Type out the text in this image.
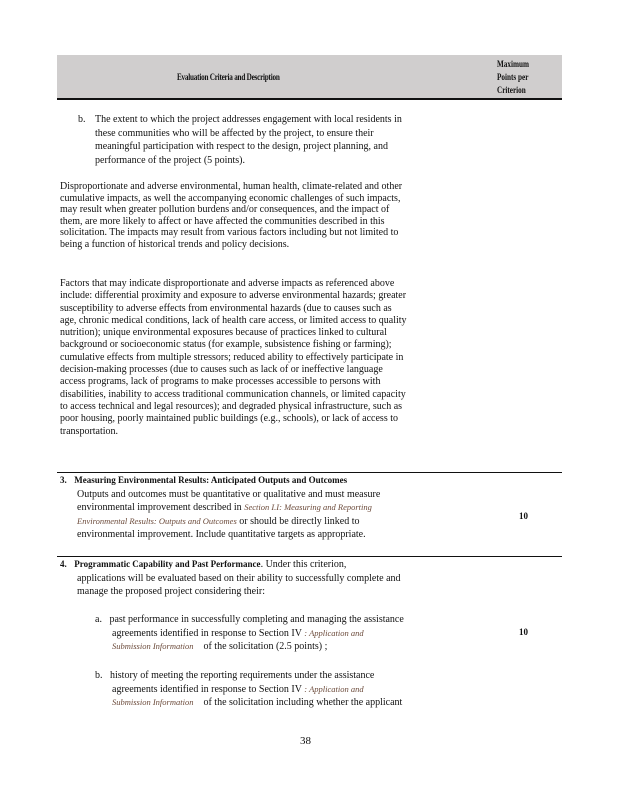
Evaluation Criteria and Description
Maximum
Points per
Criterion
b. The extent to which the project addresses engagement with local residents in
these communities who will be affected by the project, to ensure their
meaningful participation with respect to the design, project planning, and
performance of the project (5 points).
Disproportionate and adverse environmental, human health, climate-related and other
cumulative impacts, as well the accompanying economic challenges of such impacts,
may result when greater pollution burdens and/or consequences, and the impact of
them, are more likely to affect or have affected the communities described in this
solicitation. The impacts may result from various factors including but not limited to
being a function of historical trends and policy decisions.
Factors that may indicate disproportionate and adverse impacts as referenced above
include: differential proximity and exposure to adverse environmental hazards; greater
susceptibility to adverse effects from environmental hazards (due to causes such as
age, chronic medical conditions, lack of health care access, or limited access to quality
nutrition); unique environmental exposures because of practices linked to cultural
background or socioeconomic status (for example, subsistence fishing or farming);
cumulative effects from multiple stressors; reduced ability to effectively participate in
decision-making processes (due to causes such as lack of or ineffective language
access programs, lack of programs to make processes accessible to persons with
disabilities, inability to access traditional communication channels, or limited capacity
to access technical and legal resources); and degraded physical infrastructure, such as
poor housing, poorly maintained public buildings (e.g., schools), or lack of access to
transportation.
3. Measuring Environmental Results: Anticipated Outputs and Outcomes
Outputs and outcomes must be quantitative or qualitative and must measure
environmental improvement described in Section I.I: Measuring and Reporting
Environmental Results: Outputs and Outcomes or should be directly linked to
environmental improvement. Include quantitative targets as appropriate.
10
4. Programmatic Capability and Past Performance. Under this criterion,
applications will be evaluated based on their ability to successfully complete and
manage the proposed project considering their:
a. past performance in successfully completing and managing the assistance
agreements identified in response to Section IV : Application and
Submission Information of the solicitation (2.5 points) ;
10
b. history of meeting the reporting requirements under the assistance
agreements identified in response to Section IV : Application and
Submission Information of the solicitation including whether the applicant
38
